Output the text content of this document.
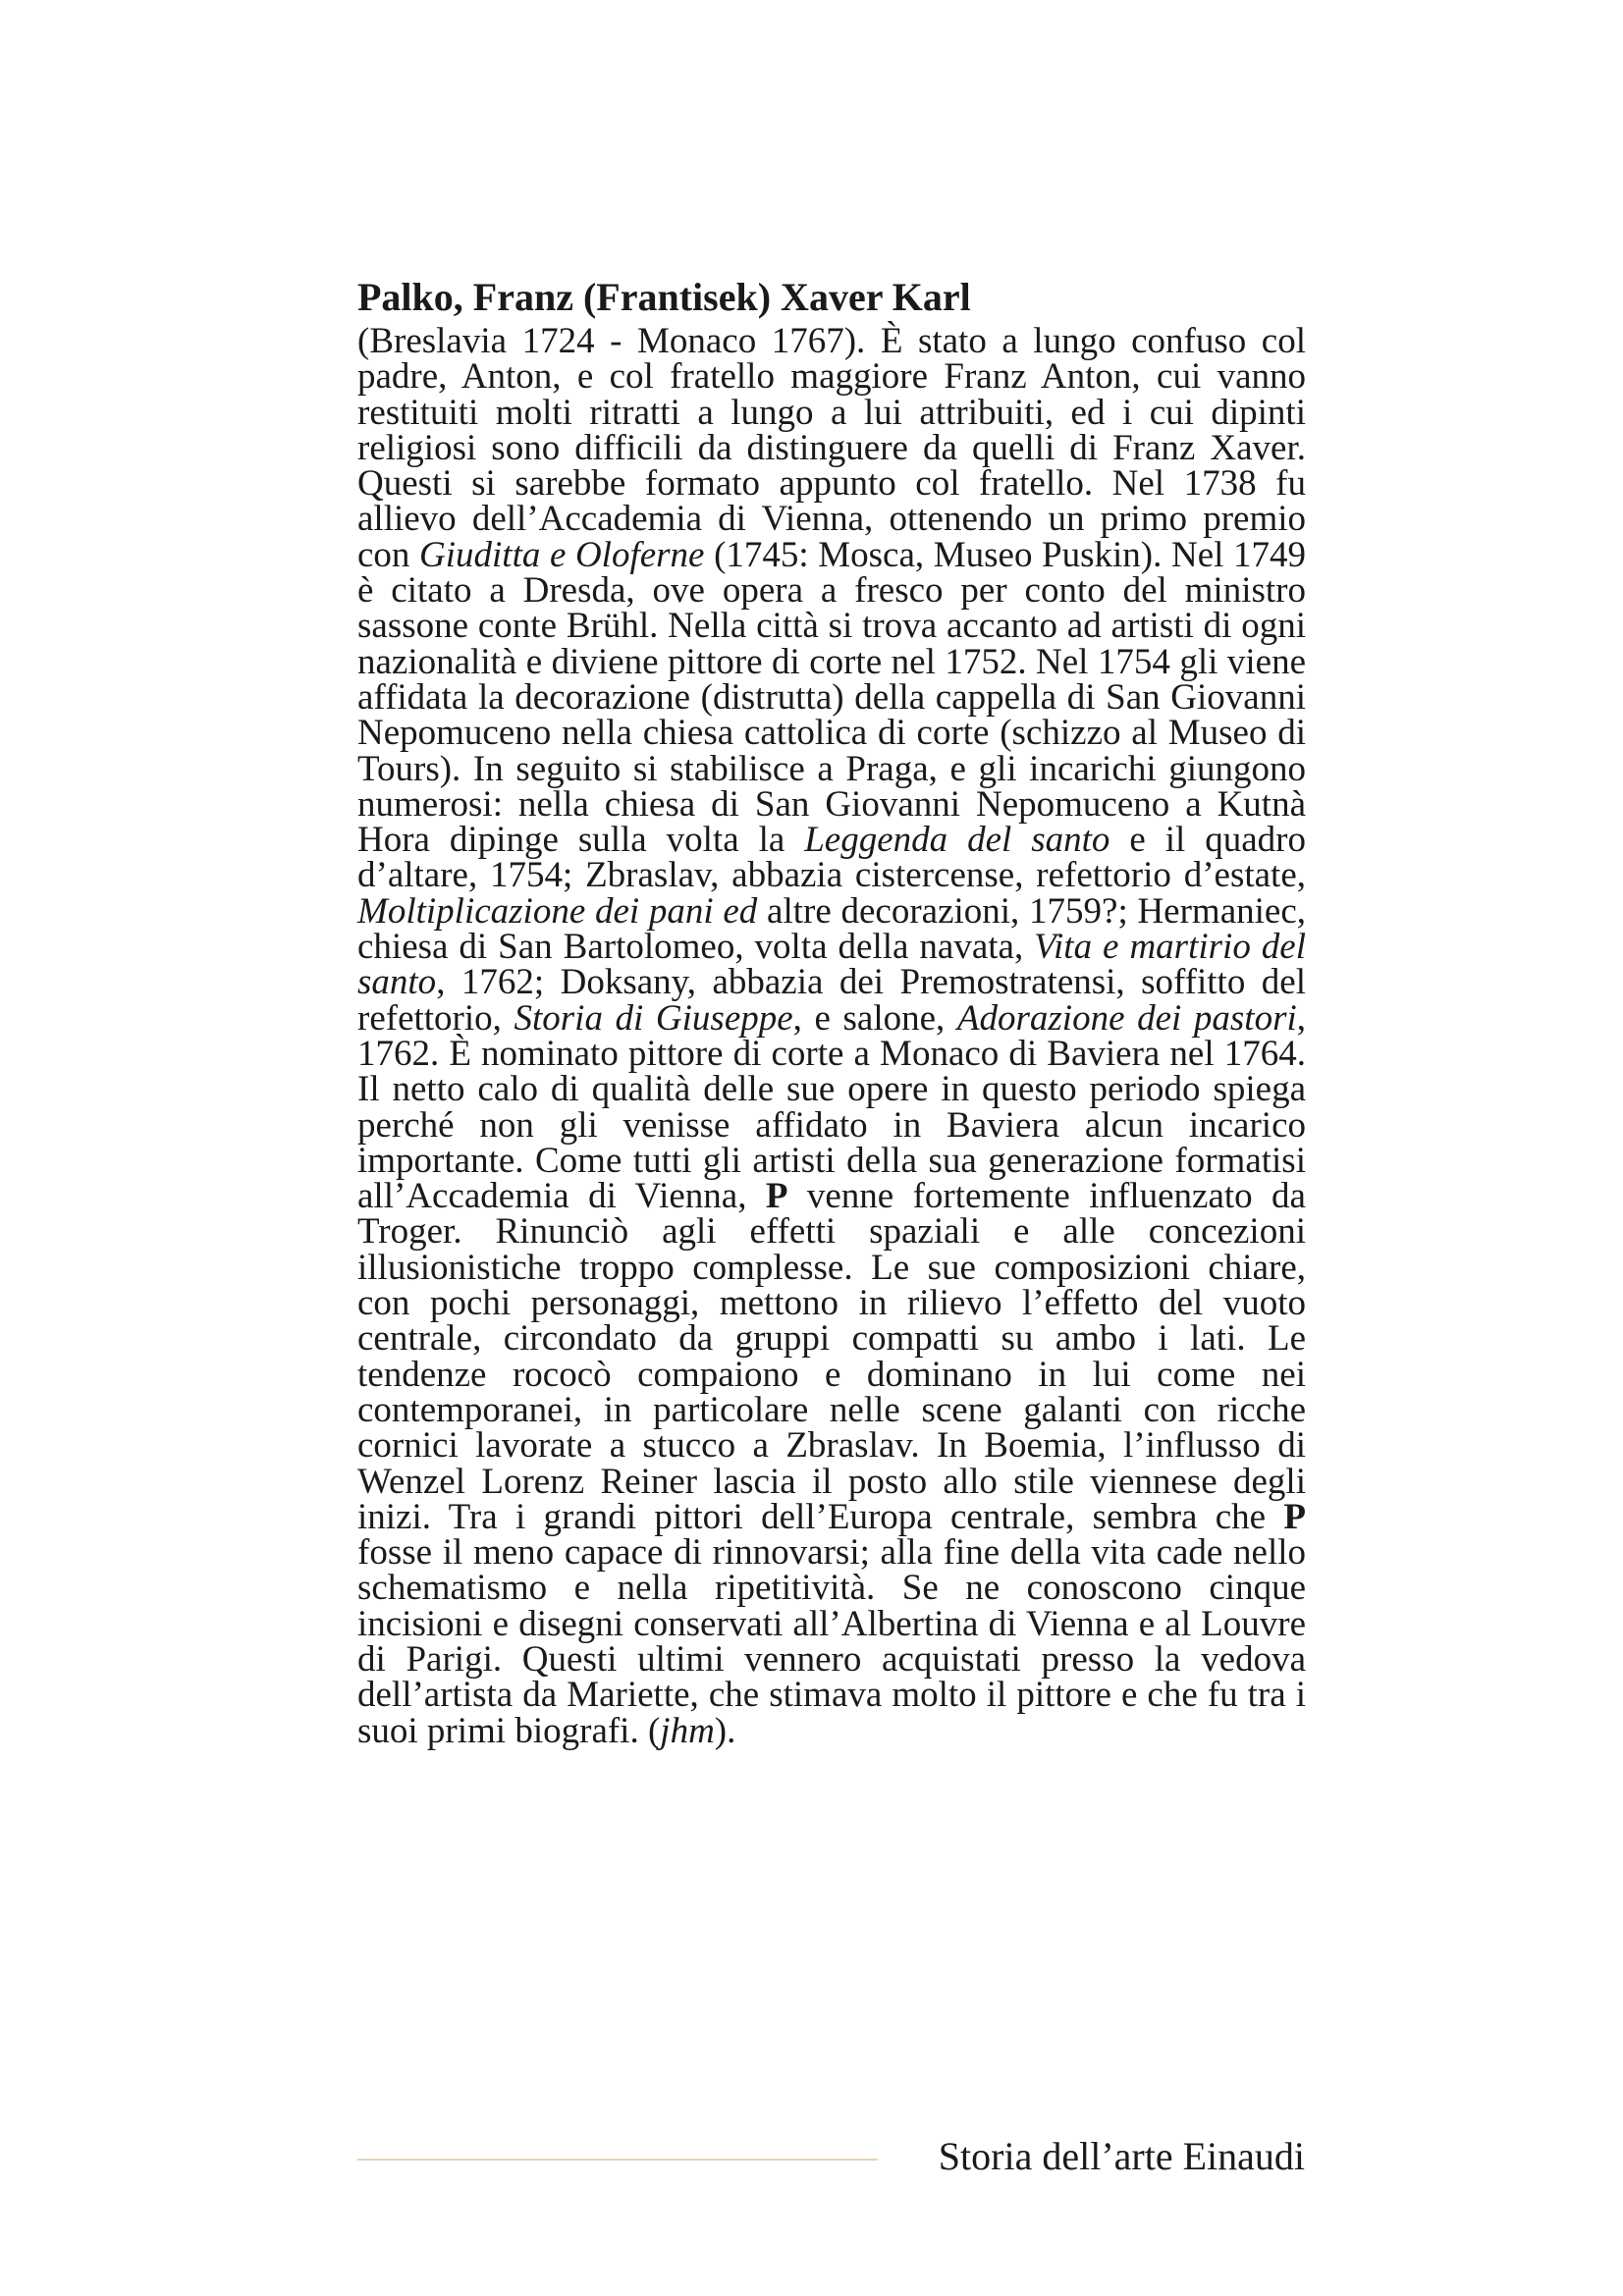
Palko, Franz (Frantisek) Xaver Karl

(Breslavia 1724 - Monaco 1767). È stato a lungo confuso col padre, Anton, e col fratello maggiore Franz Anton, cui vanno restituiti molti ritratti a lungo a lui attribuiti, ed i cui dipinti religiosi sono difficili da distinguere da quelli di Franz Xaver. Questi si sarebbe formato appunto col fratello. Nel 1738 fu allievo dell’Accademia di Vienna, ottenendo un primo premio con Giuditta e Oloferne (1745: Mosca, Museo Puskin). Nel 1749 è citato a Dresda, ove opera a fresco per conto del ministro sassone conte Brühl. Nella città si trova accanto ad artisti di ogni nazionalità e diviene pittore di corte nel 1752. Nel 1754 gli viene affidata la decorazione (distrutta) della cappella di San Giovanni Nepomuceno nella chiesa cattolica di corte (schizzo al Museo di Tours). In seguito si stabilisce a Praga, e gli incarichi giungono numerosi: nella chiesa di San Giovanni Nepomuceno a Kutnà Hora dipinge sulla volta la Leggenda del santo e il quadro d’altare, 1754; Zbraslav, abbazia cistercense, refettorio d’estate, Moltiplicazione dei pani ed altre decorazioni, 1759?; Hermaniec, chiesa di San Bartolomeo, volta della navata, Vita e martirio del santo, 1762; Doksany, abbazia dei Premostratensi, soffitto del refettorio, Storia di Giuseppe, e salone, Adorazione dei pastori, 1762. È nominato pittore di corte a Monaco di Baviera nel 1764. Il netto calo di qualità delle sue opere in questo periodo spiega perché non gli venisse affidato in Baviera alcun incarico importante. Come tutti gli artisti della sua generazione formatisi all’Accademia di Vienna, P venne fortemente influenzato da Troger. Rinunciò agli effetti spaziali e alle concezioni illusionistiche troppo complesse. Le sue composizioni chiare, con pochi personaggi, mettono in rilievo l’effetto del vuoto centrale, circondato da gruppi compatti su ambo i lati. Le tendenze rococò compaiono e dominano in lui come nei contemporanei, in particolare nelle scene galanti con ricche cornici lavorate a stucco a Zbraslav. In Boemia, l’influsso di Wenzel Lorenz Reiner lascia il posto allo stile viennese degli inizi. Tra i grandi pittori dell’Europa centrale, sembra che P fosse il meno capace di rinnovarsi; alla fine della vita cade nello schematismo e nella ripetitività. Se ne conoscono cinque incisioni e disegni conservati all’Albertina di Vienna e al Louvre di Parigi. Questi ultimi vennero acquistati presso la vedova dell’artista da Mariette, che stimava molto il pittore e che fu tra i suoi primi biografi. (jhm).

Storia dell’arte Einaudi
